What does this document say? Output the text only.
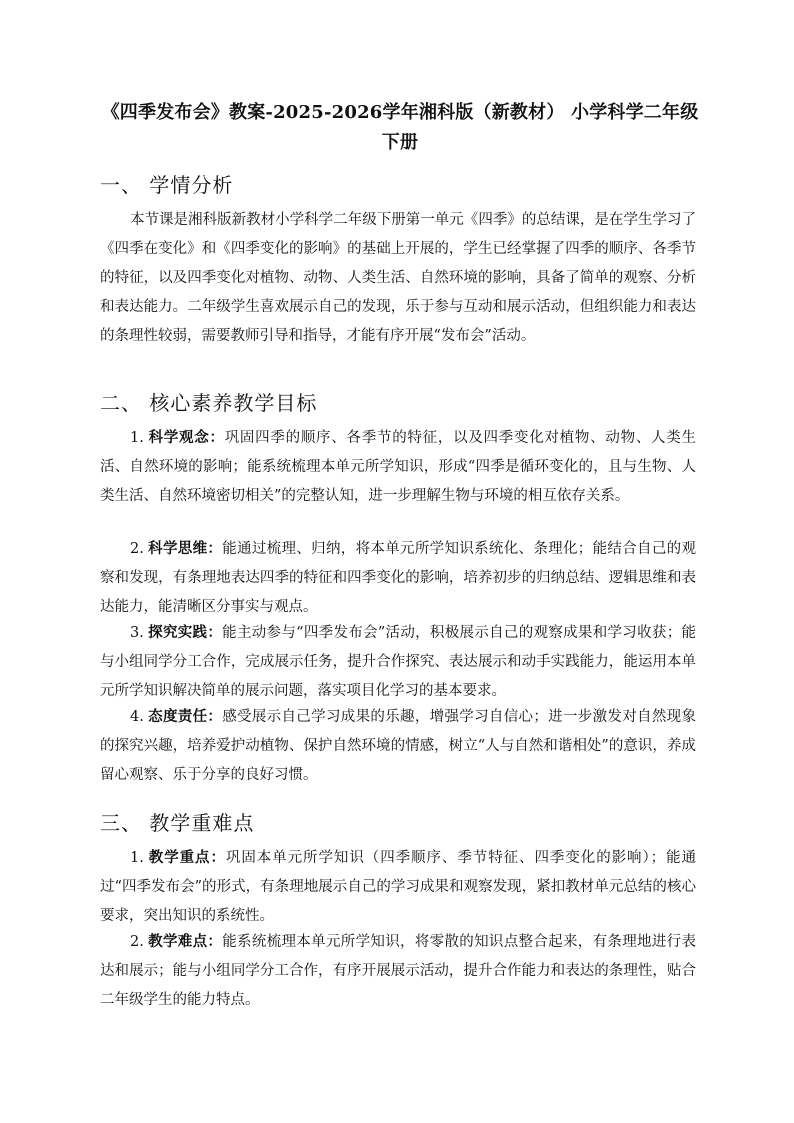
《四季发布会》教案-2025-2026学年湘科版（新教材） 小学科学二年级下册
一、 学情分析

本节课是湘科版新教材小学科学二年级下册第一单元《四季》的总结课，是在学生学习了《四季在变化》和《四季变化的影响》的基础上开展的，学生已经掌握了四季的顺序、各季节的特征，以及四季变化对植物、动物、人类生活、自然环境的影响，具备了简单的观察、分析和表达能力。二年级学生喜欢展示自己的发现，乐于参与互动和展示活动，但组织能力和表达的条理性较弱，需要教师引导和指导，才能有序开展“发布会”活动。

二、 核心素养教学目标

1. 科学观念：巩固四季的顺序、各季节的特征，以及四季变化对植物、动物、人类生活、自然环境的影响；能系统梳理本单元所学知识，形成“四季是循环变化的，且与生物、人类生活、自然环境密切相关”的完整认知，进一步理解生物与环境的相互依存关系。

2. 科学思维：能通过梳理、归纳，将本单元所学知识系统化、条理化；能结合自己的观察和发现，有条理地表达四季的特征和四季变化的影响，培养初步的归纳总结、逻辑思维和表达能力，能清晰区分事实与观点。

3. 探究实践：能主动参与“四季发布会”活动，积极展示自己的观察成果和学习收获；能与小组同学分工合作，完成展示任务，提升合作探究、表达展示和动手实践能力，能运用本单元所学知识解决简单的展示问题，落实项目化学习的基本要求。

4. 态度责任：感受展示自己学习成果的乐趣，增强学习自信心；进一步激发对自然现象的探究兴趣，培养爱护动植物、保护自然环境的情感，树立“人与自然和谐相处”的意识，养成留心观察、乐于分享的良好习惯。

三、 教学重难点

1. 教学重点：巩固本单元所学知识（四季顺序、季节特征、四季变化的影响）；能通过“四季发布会”的形式，有条理地展示自己的学习成果和观察发现，紧扣教材单元总结的核心要求，突出知识的系统性。

2. 教学难点：能系统梳理本单元所学知识，将零散的知识点整合起来，有条理地进行表达和展示；能与小组同学分工合作，有序开展展示活动，提升合作能力和表达的条理性，贴合二年级学生的能力特点。
